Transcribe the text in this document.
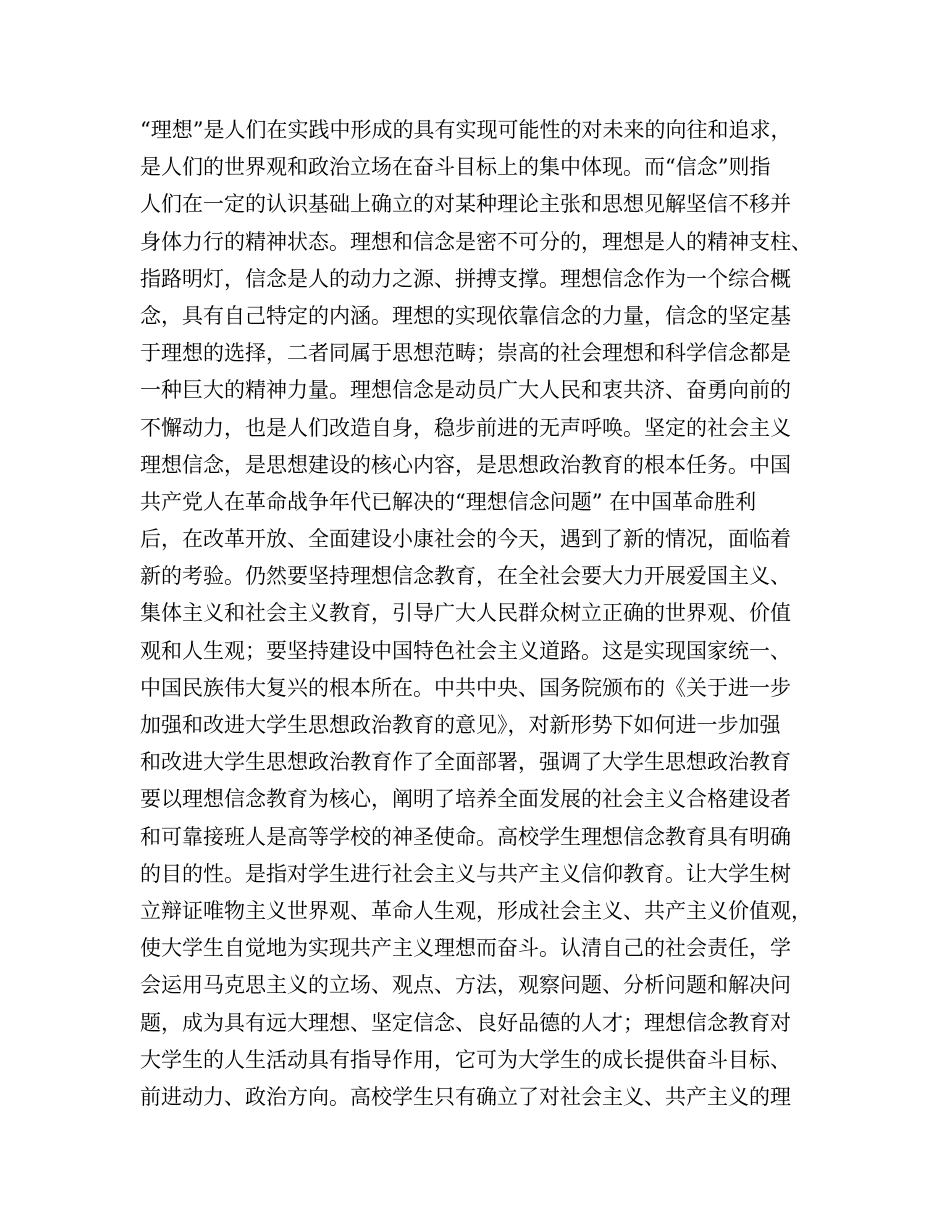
“理想”是人们在实践中形成的具有实现可能性的对未来的向往和追求，
是人们的世界观和政治立场在奋斗目标上的集中体现。而“信念”则指
人们在一定的认识基础上确立的对某种理论主张和思想见解坚信不移并
身体力行的精神状态。理想和信念是密不可分的，理想是人的精神支柱、
指路明灯，信念是人的动力之源、拼搏支撑。理想信念作为一个综合概
念，具有自己特定的内涵。理想的实现依靠信念的力量，信念的坚定基
于理想的选择，二者同属于思想范畴；崇高的社会理想和科学信念都是
一种巨大的精神力量。理想信念是动员广大人民和衷共济、奋勇向前的
不懈动力，也是人们改造自身，稳步前进的无声呼唤。坚定的社会主义
理想信念，是思想建设的核心内容，是思想政治教育的根本任务。中国
共产党人在革命战争年代已解决的“理想信念问题” 在中国革命胜利
后，在改革开放、全面建设小康社会的今天，遇到了新的情况，面临着
新的考验。仍然要坚持理想信念教育，在全社会要大力开展爱国主义、
集体主义和社会主义教育，引导广大人民群众树立正确的世界观、价值
观和人生观；要坚持建设中国特色社会主义道路。这是实现国家统一、
中国民族伟大复兴的根本所在。中共中央、国务院颁布的《关于进一步
加强和改进大学生思想政治教育的意见》，对新形势下如何进一步加强
和改进大学生思想政治教育作了全面部署，强调了大学生思想政治教育
要以理想信念教育为核心，阐明了培养全面发展的社会主义合格建设者
和可靠接班人是高等学校的神圣使命。高校学生理想信念教育具有明确
的目的性。是指对学生进行社会主义与共产主义信仰教育。让大学生树
立辩证唯物主义世界观、革命人生观，形成社会主义、共产主义价值观，
使大学生自觉地为实现共产主义理想而奋斗。认清自己的社会责任，学
会运用马克思主义的立场、观点、方法，观察问题、分析问题和解决问
题，成为具有远大理想、坚定信念、良好品德的人才；理想信念教育对
大学生的人生活动具有指导作用，它可为大学生的成长提供奋斗目标、
前进动力、政治方向。高校学生只有确立了对社会主义、共产主义的理
